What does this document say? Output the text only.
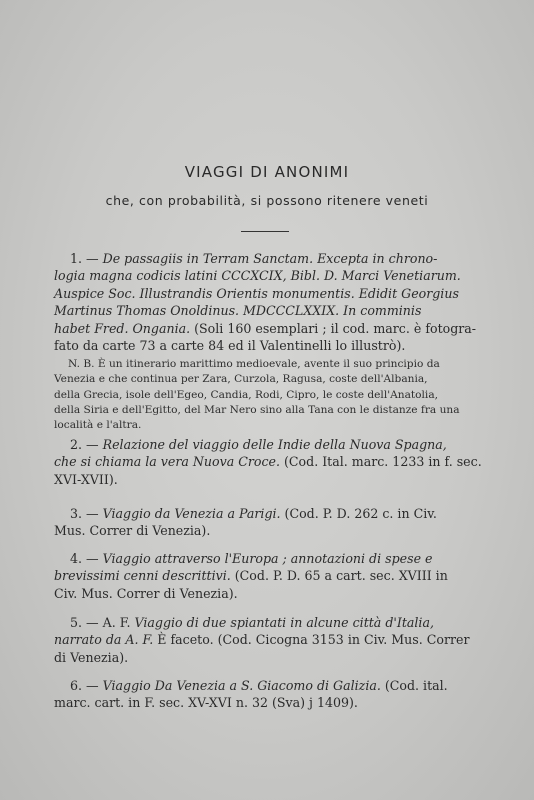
VIAGGI DI ANONIMI
che, con probabilità, si possono ritenere veneti
1. — De passagiis in Terram Sanctam. Excepta in chrono-
logia magna codicis latini CCCXCIX, Bibl. D. Marci Venetiarum.
Auspice Soc. Illustrandis Orientis monumentis. Edidit Georgius
Martinus Thomas Onoldinus. MDCCCLXXIX. In comminis
habet Fred. Ongania. (Soli 160 esemplari ; il cod. marc. è fotogra-
fato da carte 73 a carte 84 ed il Valentinelli lo illustrò).
N. B. È un itinerario marittimo medioevale, avente il suo principio da
Venezia e che continua per Zara, Curzola, Ragusa, coste dell'Albania,
della Grecia, isole dell'Egeo, Candia, Rodi, Cipro, le coste dell'Anatolia,
della Siria e dell'Egitto, del Mar Nero sino alla Tana con le distanze fra una
località e l'altra.
2. — Relazione del viaggio delle Indie della Nuova Spagna,
che si chiama la vera Nuova Croce. (Cod. Ital. marc. 1233 in f. sec.
XVI-XVII).
3. — Viaggio da Venezia a Parigi. (Cod. P. D. 262 c. in Civ.
Mus. Correr di Venezia).
4. — Viaggio attraverso l'Europa ; annotazioni di spese e
brevissimi cenni descrittivi. (Cod. P. D. 65 a cart. sec. XVIII in
Civ. Mus. Correr di Venezia).
5. — A. F. Viaggio di due spiantati in alcune città d'Italia,
narrato da A. F. È faceto. (Cod. Cicogna 3153 in Civ. Mus. Correr
di Venezia).
6. — Viaggio Da Venezia a S. Giacomo di Galizia. (Cod. ital.
marc. cart. in F. sec. XV-XVI n. 32 (Sva) j 1409).
